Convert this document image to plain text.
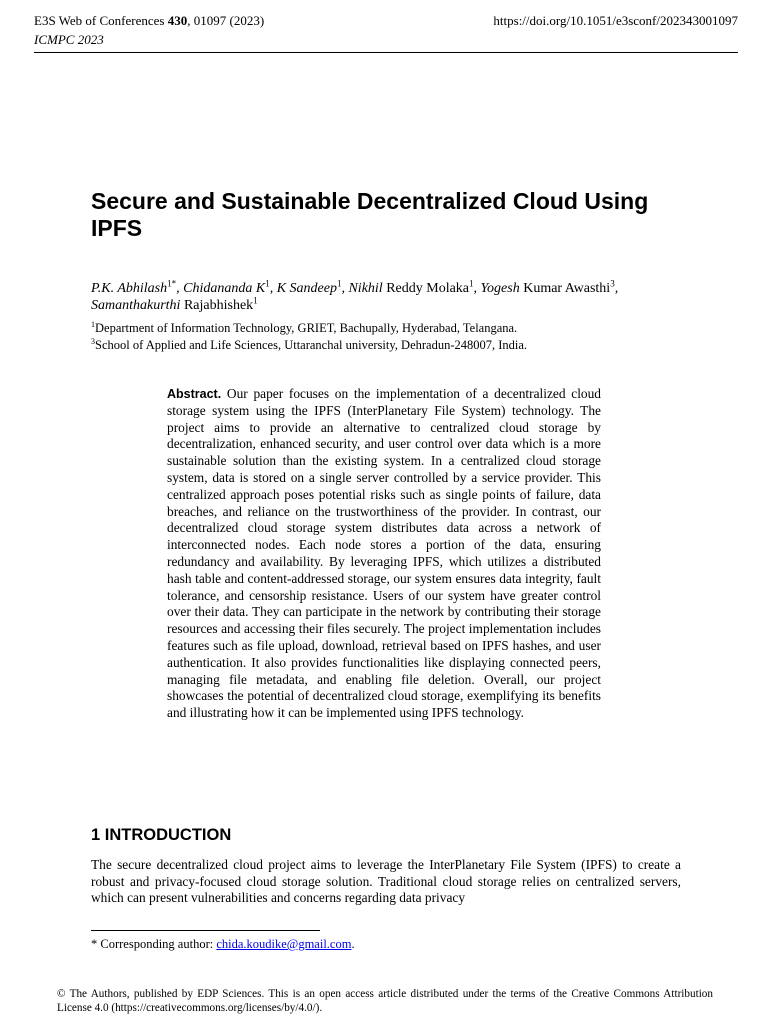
E3S Web of Conferences 430, 01097 (2023)
ICMPC 2023
https://doi.org/10.1051/e3sconf/202343001097
Secure and Sustainable Decentralized Cloud Using IPFS

P.K. Abhilash$^{1*}$, Chidananda $K^1$, K Sandeep$^1$, Nikhil Reddy Molaka$^1$, Yogesh Kumar Awasthi$^3$, Samanthakurthi Rajabhishek$^1$

$^1$Department of Information Technology, GRIET, Bachupally, Hyderabad, Telangana.

$^3$School of Applied and Life Sciences, Uttaranchal university, Dehradun-248007, India.

Abstract. Our paper focuses on the implementation of a decentralized cloud storage system using the IPFS (InterPlanetary File System) technology. The project aims to provide an alternative to centralized cloud storage by decentralization, enhanced security, and user control over data which is a more sustainable solution than the existing system. In a centralized cloud storage system, data is stored on a single server controlled by a service provider. This centralized approach poses potential risks such as single points of failure, data breaches, and reliance on the trustworthiness of the provider. In contrast, our decentralized cloud storage system distributes data across a network of interconnected nodes. Each node stores a portion of the data, ensuring redundancy and availability. By leveraging IPFS, which utilizes a distributed hash table and content-addressed storage, our system ensures data integrity, fault tolerance, and censorship resistance. Users of our system have greater control over their data. They can participate in the network by contributing their storage resources and accessing their files securely. The project implementation includes features such as file upload, download, retrieval based on IPFS hashes, and user authentication. It also provides functionalities like displaying connected peers, managing file metadata, and enabling file deletion. Overall, our project showcases the potential of decentralized cloud storage, exemplifying its benefits and illustrating how it can be implemented using IPFS technology.

1 INTRODUCTION

The secure decentralized cloud project aims to leverage the InterPlanetary File System (IPFS) to create a robust and privacy-focused cloud storage solution. Traditional cloud storage relies on centralized servers, which can present vulnerabilities and concerns regarding data privacy

* Corresponding author: chida.koudike@gmail.com.

© The Authors, published by EDP Sciences. This is an open access article distributed under the terms of the Creative Commons Attribution License 4.0 (https://creativecommons.org/licenses/by/4.0/).
